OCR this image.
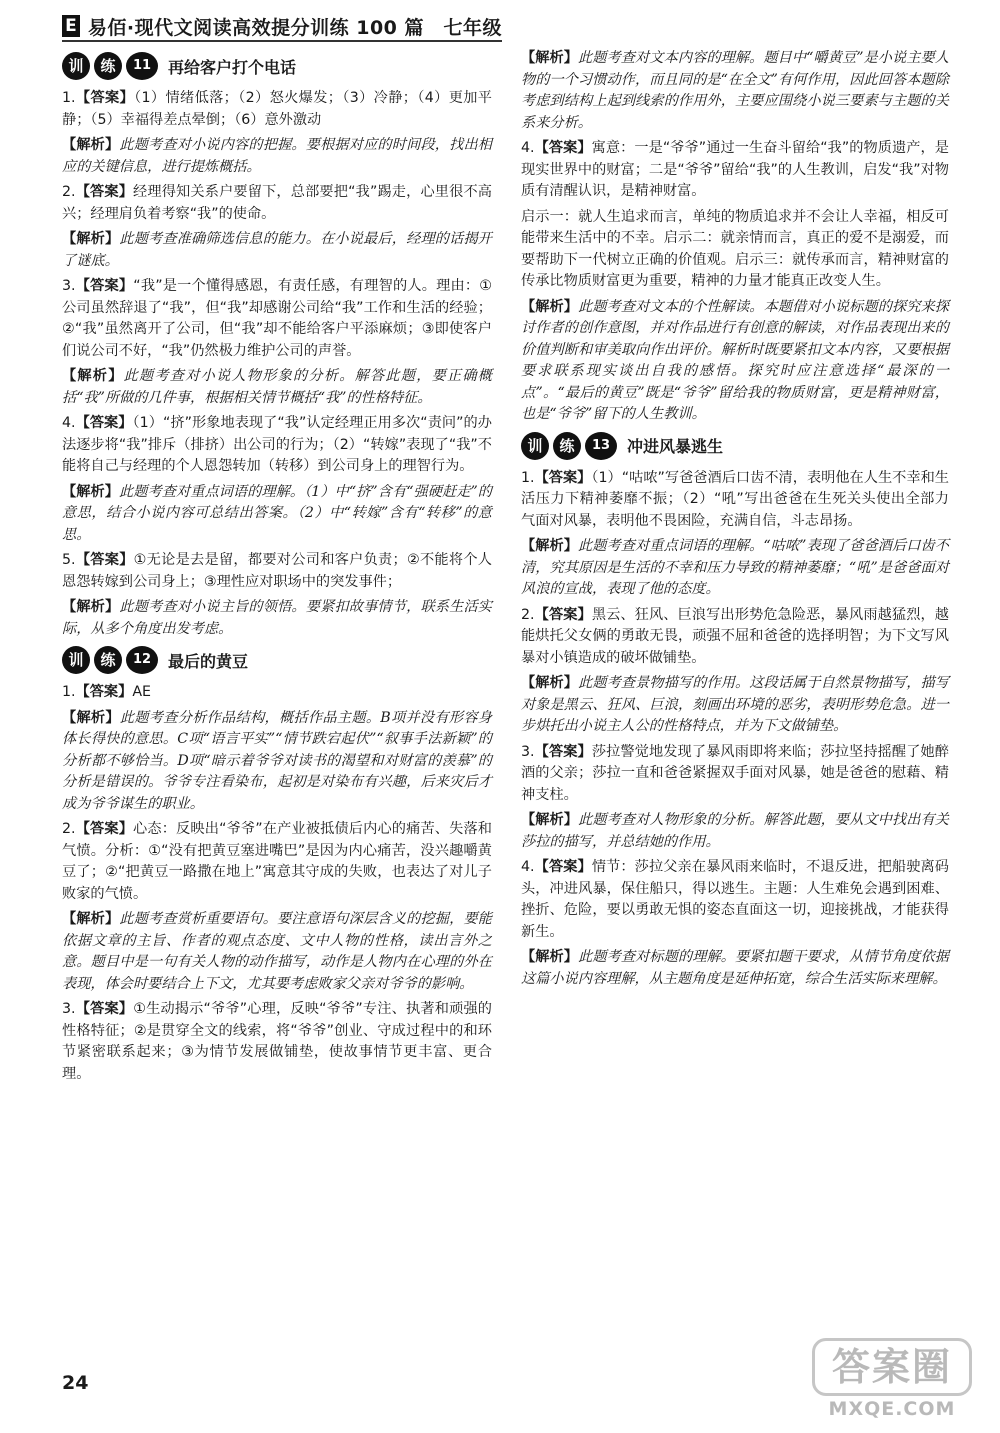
E 易佰·现代文阅读高效提分训练 100 篇　七年级
训	练	11	再给客户打个电话

1.【答案】（1）情绪低落；（2）怒火爆发；（3）冷静；（4）更加平静；（5）幸福得差点晕倒；（6）意外激动

【解析】此题考查对小说内容的把握。要根据对应的时间段，找出相应的关键信息，进行提炼概括。

2.【答案】经理得知关系户要留下，总部要把“我”踢走，心里很不高兴；经理肩负着考察“我”的使命。

【解析】此题考查准确筛选信息的能力。在小说最后，经理的话揭开了谜底。

3.【答案】“我”是一个懂得感恩，有责任感，有理智的人。理由：①公司虽然辞退了“我”，但“我”却感谢公司给“我”工作和生活的经验；②“我”虽然离开了公司，但“我”却不能给客户平添麻烦；③即使客户们说公司不好，“我”仍然极力维护公司的声誉。

【解析】此题考查对小说人物形象的分析。解答此题，要正确概括“我”所做的几件事，根据相关情节概括“我”的性格特征。

4.【答案】（1）“挤”形象地表现了“我”认定经理正用多次“责问”的办法逐步将“我”排斥（排挤）出公司的行为；（2）“转嫁”表现了“我”不能将自己与经理的个人恩怨转加（转移）到公司身上的理智行为。

【解析】此题考查对重点词语的理解。（1）中“挤”含有“强硬赶走”的意思，结合小说内容可总结出答案。（2）中“转嫁”含有“转移”的意思。

5.【答案】①无论是去是留，都要对公司和客户负责；②不能将个人恩怨转嫁到公司身上；③理性应对职场中的突发事件；

【解析】此题考查对小说主旨的领悟。要紧扣故事情节，联系生活实际，从多个角度出发考虑。

训	练	12	最后的黄豆

1.【答案】AE

【解析】此题考查分析作品结构，概括作品主题。B项并没有形容身体长得快的意思。C项“语言平实”“情节跌宕起伏”“叙事手法新颖”的分析都不够恰当。D项“暗示着爷爷对读书的渴望和对财富的羡慕”的分析是错误的。爷爷专注看染布，起初是对染布有兴趣，后来灾后才成为爷爷谋生的职业。

2.【答案】心态：反映出“爷爷”在产业被抵债后内心的痛苦、失落和气愤。分析：①“没有把黄豆塞进嘴巴”是因为内心痛苦，没兴趣嚼黄豆了；②“把黄豆一路撒在地上”寓意其守成的失败，也表达了对儿子败家的气愤。

【解析】此题考查赏析重要语句。要注意语句深层含义的挖掘，要能依据文章的主旨、作者的观点态度、文中人物的性格，读出言外之意。题目中是一句有关人物的动作描写，动作是人物内在心理的外在表现，体会时要结合上下文，尤其要考虑败家父亲对爷爷的影响。

3.【答案】①生动揭示“爷爷”心理，反映“爷爷”专注、执著和顽强的性格特征；②是贯穿全文的线索，将“爷爷”创业、守成过程中的和环节紧密联系起来；③为情节发展做铺垫，使故事情节更丰富、更合理。

【解析】此题考查对文本内容的理解。题目中“嚼黄豆”是小说主要人物的一个习惯动作，而且同的是“在全文”有何作用，因此回答本题除考虑到结构上起到线索的作用外，主要应围绕小说三要素与主题的关系来分析。

4.【答案】寓意：一是“爷爷”通过一生奋斗留给“我”的物质遗产，是现实世界中的财富；二是“爷爷”留给“我”的人生教训，启发“我”对物质有清醒认识，是精神财富。

启示一：就人生追求而言，单纯的物质追求并不会让人幸福，相反可能带来生活中的不幸。启示二：就亲情而言，真正的爱不是溺爱，而要帮助下一代树立正确的价值观。启示三：就传承而言，精神财富的传承比物质财富更为重要，精神的力量才能真正改变人生。

【解析】此题考查对文本的个性解读。本题借对小说标题的探究来探讨作者的创作意图，并对作品进行有创意的解读，对作品表现出来的价值判断和审美取向作出评价。解析时既要紧扣文本内容，又要根据要求联系现实谈出自我的感悟。探究时应注意选择“最深的一点”。“最后的黄豆”既是“爷爷”留给我的物质财富，更是精神财富，也是“爷爷”留下的人生教训。

训	练	13	冲进风暴逃生

1.【答案】（1）“咕哝”写爸爸酒后口齿不清，表明他在人生不幸和生活压力下精神萎靡不振；（2）“吼”写出爸爸在生死关头使出全部力气面对风暴，表明他不畏困险，充满自信，斗志昂扬。

【解析】此题考查对重点词语的理解。“咕哝”表现了爸爸酒后口齿不清，究其原因是生活的不幸和压力导致的精神萎靡；“吼”是爸爸面对风浪的宣战，表现了他的态度。

2.【答案】黑云、狂风、巨浪写出形势危急险恶，暴风雨越猛烈，越能烘托父女俩的勇敢无畏，顽强不屈和爸爸的选择明智；为下文写风暴对小镇造成的破坏做铺垫。

【解析】此题考查景物描写的作用。这段话属于自然景物描写，描写对象是黑云、狂风、巨浪，刻画出环境的恶劣，表明形势危急。进一步烘托出小说主人公的性格特点，并为下文做铺垫。

3.【答案】莎拉警觉地发现了暴风雨即将来临；莎拉坚持摇醒了她醉酒的父亲；莎拉一直和爸爸紧握双手面对风暴，她是爸爸的慰藉、精神支柱。

【解析】此题考查对人物形象的分析。解答此题，要从文中找出有关莎拉的描写，并总结她的作用。

4.【答案】情节：莎拉父亲在暴风雨来临时，不退反进，把船驶离码头，冲进风暴，保住船只，得以逃生。主题：人生难免会遇到困难、挫折、危险，要以勇敢无惧的姿态直面这一切，迎接挑战，才能获得新生。

【解析】此题考查对标题的理解。要紧扣题干要求，从情节角度依据这篇小说内容理解，从主题角度是延伸拓宽，综合生活实际来理解。

24	答案圈
MXQE.COM
